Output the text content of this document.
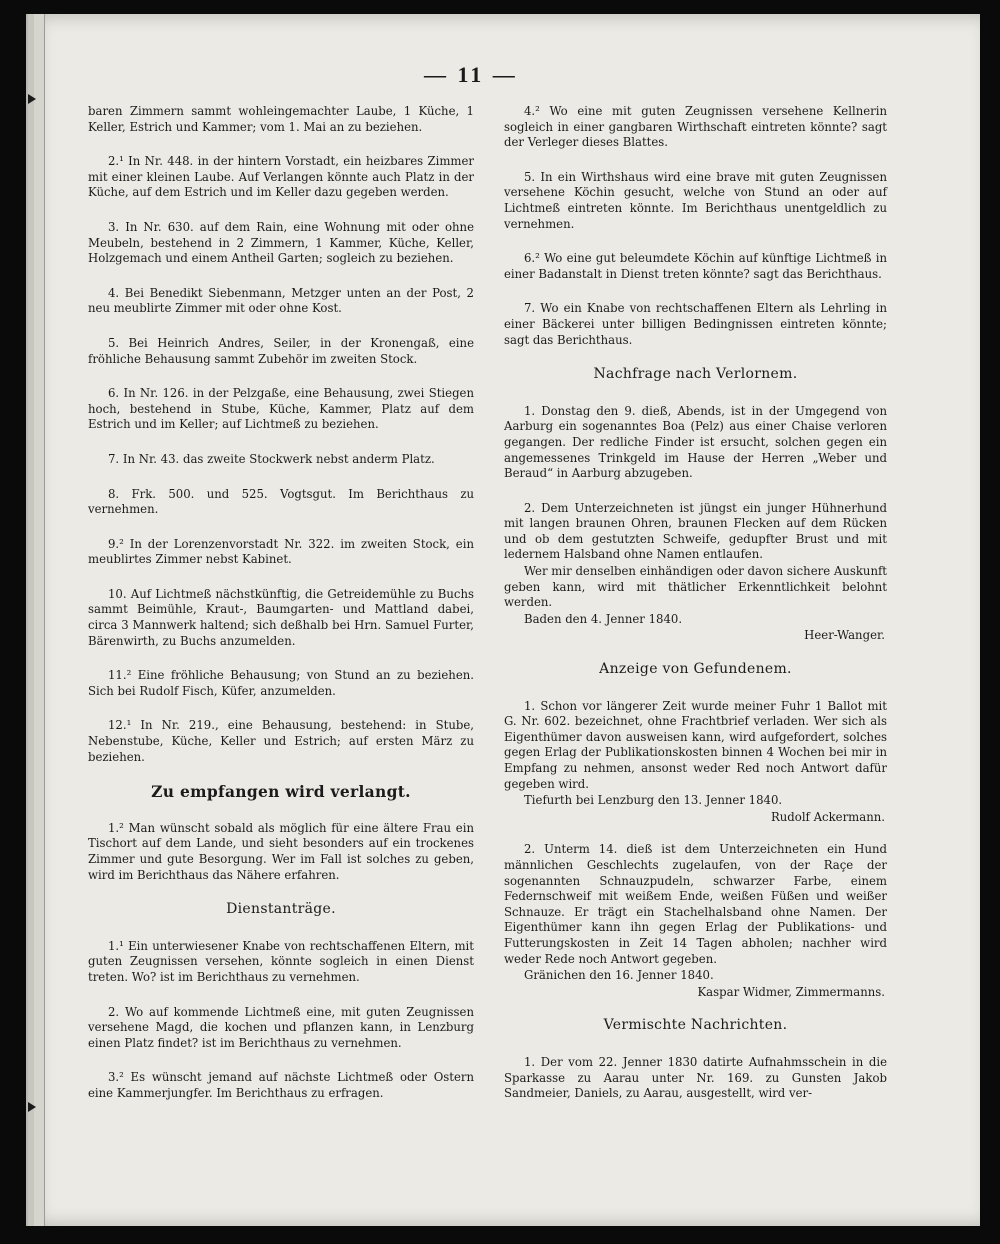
— 11 —

baren Zimmern sammt wohleingemachter Laube, 1 Küche, 1 Keller, Estrich und Kammer; vom 1. Mai an zu beziehen.

2.¹ In Nr. 448. in der hintern Vorstadt, ein heizbares Zimmer mit einer kleinen Laube. Auf Verlangen könnte auch Platz in der Küche, auf dem Estrich und im Keller dazu gegeben werden.

3. In Nr. 630. auf dem Rain, eine Wohnung mit oder ohne Meubeln, bestehend in 2 Zimmern, 1 Kammer, Küche, Keller, Holzgemach und einem Antheil Garten; sogleich zu beziehen.

4. Bei Benedikt Siebenmann, Metzger unten an der Post, 2 neu meublirte Zimmer mit oder ohne Kost.

5. Bei Heinrich Andres, Seiler, in der Kronengaß, eine fröhliche Behausung sammt Zubehör im zweiten Stock.

6. In Nr. 126. in der Pelzgaße, eine Behausung, zwei Stiegen hoch, bestehend in Stube, Küche, Kammer, Platz auf dem Estrich und im Keller; auf Lichtmeß zu beziehen.

7. In Nr. 43. das zweite Stockwerk nebst anderm Platz.

8. Frk. 500. und 525. Vogtsgut. Im Berichthaus zu vernehmen.

9.² In der Lorenzenvorstadt Nr. 322. im zweiten Stock, ein meublirtes Zimmer nebst Kabinet.

10. Auf Lichtmeß nächstkünftig, die Getreidemühle zu Buchs sammt Beimühle, Kraut-, Baumgarten- und Mattland dabei, circa 3 Mannwerk haltend; sich deßhalb bei Hrn. Samuel Furter, Bärenwirth, zu Buchs anzumelden.

11.² Eine fröhliche Behausung; von Stund an zu beziehen. Sich bei Rudolf Fisch, Küfer, anzumelden.

12.¹ In Nr. 219., eine Behausung, bestehend: in Stube, Nebenstube, Küche, Keller und Estrich; auf ersten März zu beziehen.

Zu empfangen wird verlangt.

1.² Man wünscht sobald als möglich für eine ältere Frau ein Tischort auf dem Lande, und sieht besonders auf ein trockenes Zimmer und gute Besorgung. Wer im Fall ist solches zu geben, wird im Berichthaus das Nähere erfahren.

Dienstanträge.

1.¹ Ein unterwiesener Knabe von rechtschaffenen Eltern, mit guten Zeugnissen versehen, könnte sogleich in einen Dienst treten. Wo? ist im Berichthaus zu vernehmen.

2. Wo auf kommende Lichtmeß eine, mit guten Zeugnissen versehene Magd, die kochen und pflanzen kann, in Lenzburg einen Platz findet? ist im Berichthaus zu vernehmen.

3.² Es wünscht jemand auf nächste Lichtmeß oder Ostern eine Kammerjungfer. Im Berichthaus zu erfragen.

4.² Wo eine mit guten Zeugnissen versehene Kellnerin sogleich in einer gangbaren Wirthschaft eintreten könnte? sagt der Verleger dieses Blattes.

5. In ein Wirthshaus wird eine brave mit guten Zeugnissen versehene Köchin gesucht, welche von Stund an oder auf Lichtmeß eintreten könnte. Im Berichthaus unentgeldlich zu vernehmen.

6.² Wo eine gut beleumdete Köchin auf künftige Lichtmeß in einer Badanstalt in Dienst treten könnte? sagt das Berichthaus.

7. Wo ein Knabe von rechtschaffenen Eltern als Lehrling in einer Bäckerei unter billigen Bedingnissen eintreten könnte; sagt das Berichthaus.

Nachfrage nach Verlornem.

1. Donstag den 9. dieß, Abends, ist in der Umgegend von Aarburg ein sogenanntes Boa (Pelz) aus einer Chaise verloren gegangen. Der redliche Finder ist ersucht, solchen gegen ein angemessenes Trinkgeld im Hause der Herren „Weber und Beraud“ in Aarburg abzugeben.

2. Dem Unterzeichneten ist jüngst ein junger Hühnerhund mit langen braunen Ohren, braunen Flecken auf dem Rücken und ob dem gestutzten Schweife, gedupfter Brust und mit ledernem Halsband ohne Namen entlaufen.

Wer mir denselben einhändigen oder davon sichere Auskunft geben kann, wird mit thätlicher Erkenntlichkeit belohnt werden.

Baden den 4. Jenner 1840.

Heer-Wanger.
Anzeige von Gefundenem.

1. Schon vor längerer Zeit wurde meiner Fuhr 1 Ballot mit G. Nr. 602. bezeichnet, ohne Frachtbrief verladen. Wer sich als Eigenthümer davon ausweisen kann, wird aufgefordert, solches gegen Erlag der Publikationskosten binnen 4 Wochen bei mir in Empfang zu nehmen, ansonst weder Red noch Antwort dafür gegeben wird.

Tiefurth bei Lenzburg den 13. Jenner 1840.

Rudolf Ackermann.

2. Unterm 14. dieß ist dem Unterzeichneten ein Hund männlichen Geschlechts zugelaufen, von der Raçe der sogenannten Schnauzpudeln, schwarzer Farbe, einem Federnschweif mit weißem Ende, weißen Füßen und weißer Schnauze. Er trägt ein Stachelhalsband ohne Namen. Der Eigenthümer kann ihn gegen Erlag der Publikations- und Futterungskosten in Zeit 14 Tagen abholen; nachher wird weder Rede noch Antwort gegeben.

Gränichen den 16. Jenner 1840.

Kaspar Widmer, Zimmermanns.
Vermischte Nachrichten.

1. Der vom 22. Jenner 1830 datirte Aufnahmsschein in die Sparkasse zu Aarau unter Nr. 169. zu Gunsten Jakob Sandmeier, Daniels, zu Aarau, ausgestellt, wird ver-
